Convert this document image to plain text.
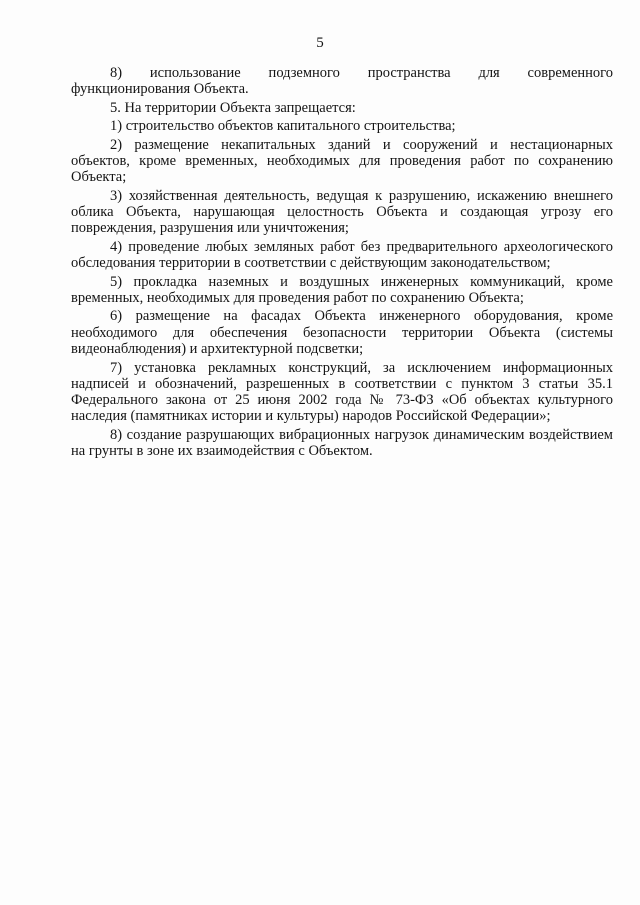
5

8) использование подземного пространства для современного функционирования Объекта.

5. На территории Объекта запрещается:

1) строительство объектов капитального строительства;

2) размещение некапитальных зданий и сооружений и нестационарных объектов, кроме временных, необходимых для проведения работ по сохранению Объекта;

3) хозяйственная деятельность, ведущая к разрушению, искажению внешнего облика Объекта, нарушающая целостность Объекта и создающая угрозу его повреждения, разрушения или уничтожения;

4) проведение любых земляных работ без предварительного археологического обследования территории в соответствии с действующим законодательством;

5) прокладка наземных и воздушных инженерных коммуникаций, кроме временных, необходимых для проведения работ по сохранению Объекта;

6) размещение на фасадах Объекта инженерного оборудования, кроме необходимого для обеспечения безопасности территории Объекта (системы видеонаблюдения) и архитектурной подсветки;

7) установка рекламных конструкций, за исключением информационных надписей и обозначений, разрешенных в соответствии с пунктом 3 статьи 35.1 Федерального закона от 25 июня 2002 года № 73-ФЗ «Об объектах культурного наследия (памятниках истории и культуры) народов Российской Федерации»;

8) создание разрушающих вибрационных нагрузок динамическим воздействием на грунты в зоне их взаимодействия с Объектом.
